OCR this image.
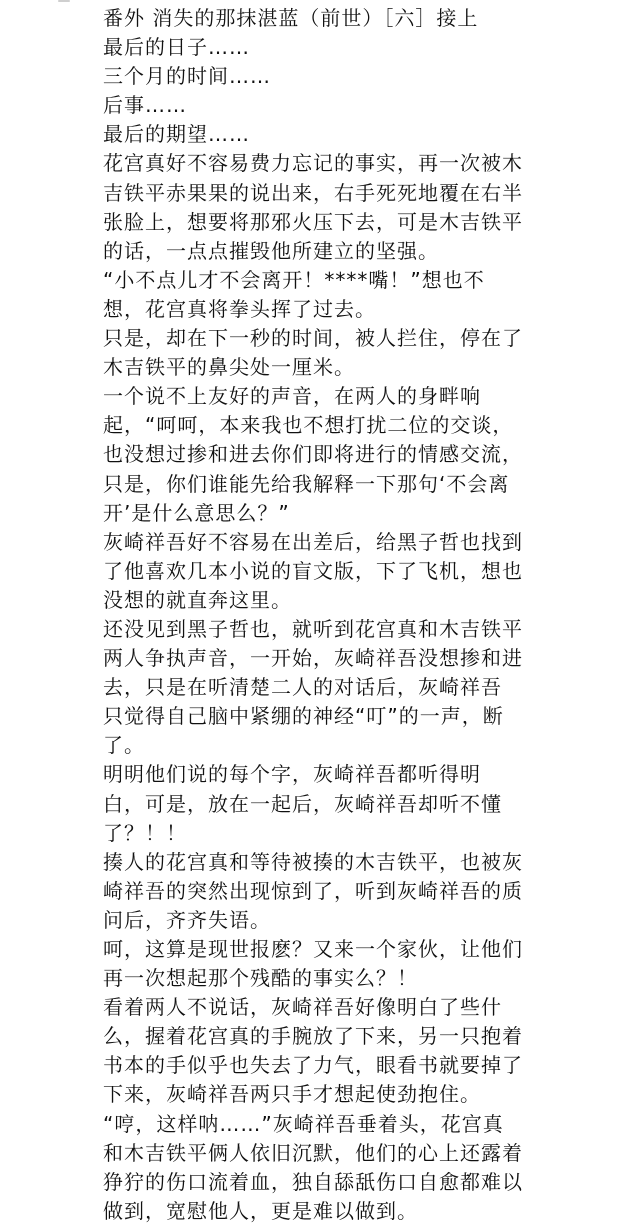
番外 消失的那抹湛蓝（前世）［六］接上
最后的日子……
三个月的时间……
后事……
最后的期望……
花宫真好不容易费力忘记的事实，再一次被木
吉铁平赤果果的说出来，右手死死地覆在右半
张脸上，想要将那邪火压下去，可是木吉铁平
的话，一点点摧毁他所建立的坚强。
“小不点儿才不会离开！****嘴！”想也不
想，花宫真将拳头挥了过去。
只是，却在下一秒的时间，被人拦住，停在了
木吉铁平的鼻尖处一厘米。
一个说不上友好的声音，在两人的身畔响
起，“呵呵，本来我也不想打扰二位的交谈，
也没想过掺和进去你们即将进行的情感交流，
只是，你们谁能先给我解释一下那句‘不会离
开’是什么意思么？”
灰崎祥吾好不容易在出差后，给黑子哲也找到
了他喜欢几本小说的盲文版，下了飞机，想也
没想的就直奔这里。
还没见到黑子哲也，就听到花宫真和木吉铁平
两人争执声音，一开始，灰崎祥吾没想掺和进
去，只是在听清楚二人的对话后，灰崎祥吾
只觉得自己脑中紧绷的神经“叮”的一声，断
了。
明明他们说的每个字，灰崎祥吾都听得明
白，可是，放在一起后，灰崎祥吾却听不懂
了？！！
揍人的花宫真和等待被揍的木吉铁平，也被灰
崎祥吾的突然出现惊到了，听到灰崎祥吾的质
问后，齐齐失语。
呵，这算是现世报麽？又来一个家伙，让他们
再一次想起那个残酷的事实么？！
看着两人不说话，灰崎祥吾好像明白了些什
么，握着花宫真的手腕放了下来，另一只抱着
书本的手似乎也失去了力气，眼看书就要掉了
下来，灰崎祥吾两只手才想起使劲抱住。
“哼，这样呐……”灰崎祥吾垂着头，花宫真
和木吉铁平俩人依旧沉默，他们的心上还露着
狰狞的伤口流着血，独自舔舐伤口自愈都难以
做到，宽慰他人，更是难以做到。
